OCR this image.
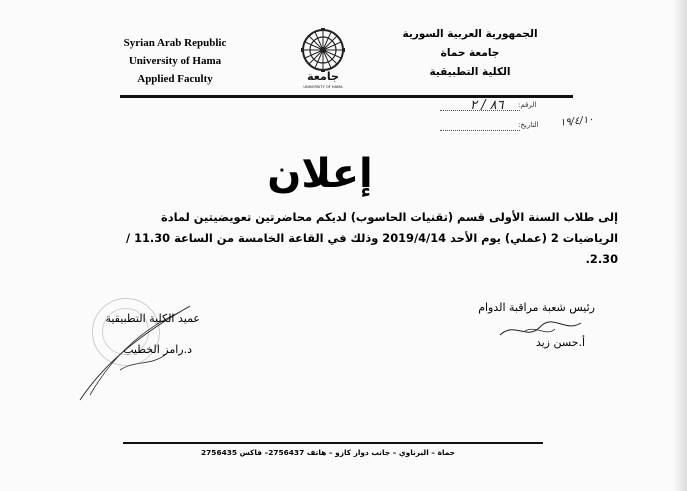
Syrian Arab Republic
University of Hama
Applied Faculty	جامعة
UNIVERSITY OF HAMA
الجمهورية العربية السورية
جامعة حماة
الكلية التطبيقية
الرقم:
٨٦ / ٢
التاريخ: ١٩/٤/١٠
إعلان
إلى طلاب السنة الأولى قسم (تقنيات الحاسوب) لديكم محاضرتين تعويضيتين لمادة الرياضيات 2 (عملي) يوم الأحد 2019/4/14 وذلك في القاعة الخامسة من الساعة 11.30 / 2.30.
رئيس شعبة مراقبة الدوام
أ.حسن زيد
عميد الكلية التطبيقية
د.رامز الخطيب
حماة – البرناوي – جانب دوار كازو – هاتف 2756437– فاكس 2756435
